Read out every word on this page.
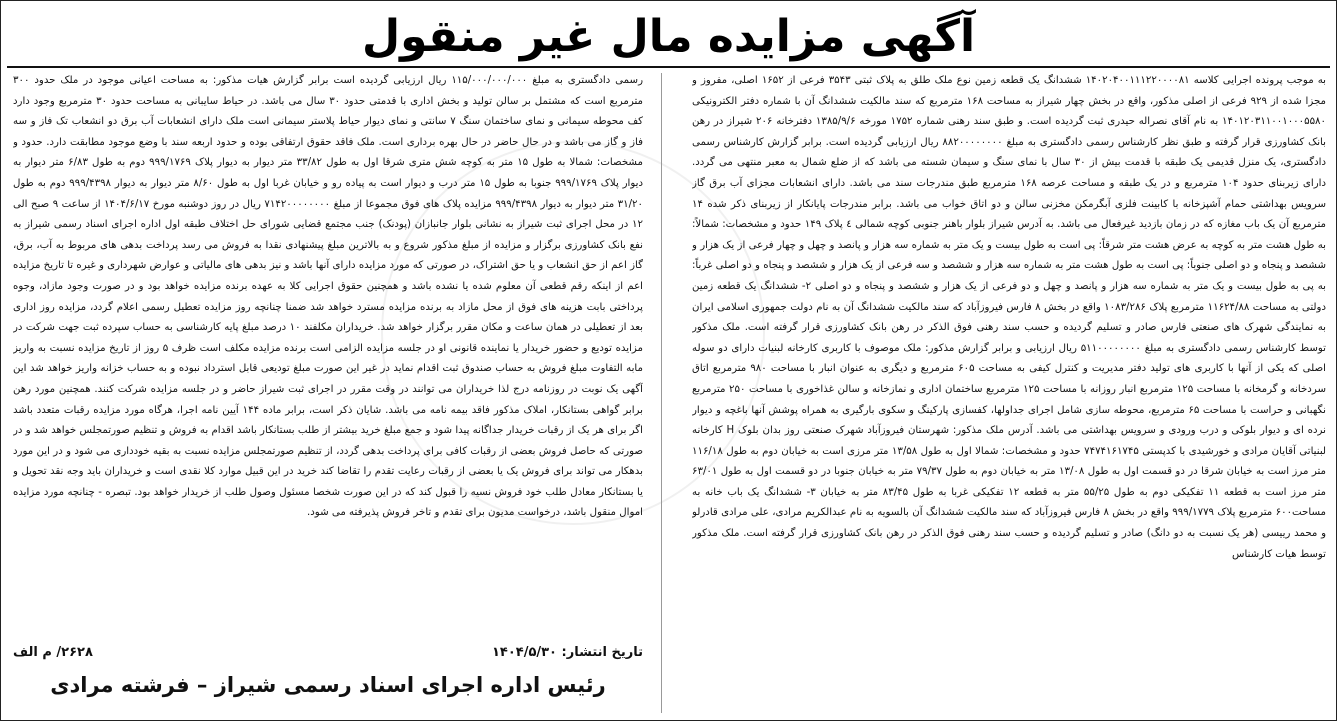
آگهی مزایده مال غیر منقول
به موجب پرونده اجرایی کلاسه ۱۴۰۲۰۴۰۰۱۱۱۲۲۰۰۰۰۸۱ ششدانگ یک قطعه زمین نوع ملک طلق به پلاک ثبتی ۳۵۴۳ فرعی از ۱۶۵۲ اصلی، مفروز و مجزا شده از ۹۲۹ فرعی از اصلی مذکور، واقع در بخش چهار شیراز به مساحت ۱۶۸ مترمربع که سند مالکیت ششدانگ آن با شماره دفتر الکترونیکی ۱۴۰۱۲۰۳۱۱۰۰۱۰۰۰۵۵۸۰ به نام آقای نصراله حیدری ثبت گردیده است. و طبق سند رهنی شماره ۱۷۵۲ مورخه ۱۳۸۵/۹/۶ دفترخانه ۲۰۶ شیراز در رهن بانک کشاورزی قرار گرفته و طبق نظر کارشناس رسمی دادگستری به مبلغ ۸۸۲۰۰۰۰۰۰۰۰ ریال ارزیابی گردیده است. برابر گزارش کارشناس رسمی دادگستری، یک منزل قدیمی یک طبقه با قدمت بیش از ۳۰ سال با نمای سنگ و سیمان شسته می باشد که از ضلع شمال به معبر منتهی می گردد. دارای زیربنای حدود ۱۰۴ مترمربع و در یک طبقه و مساحت عرصه ۱۶۸ مترمربع طبق مندرجات سند می باشد. دارای انشعابات مجزای آب برق گاز سرویس بهداشتی حمام آشپزخانه با کابینت فلزی آبگرمکن مخزنی سالن و دو اتاق خواب می باشد. برابر مندرجات پایانکار از زیربنای ذکر شده ۱۴ مترمربع آن یک باب مغازه که در زمان بازدید غیرفعال می باشد. به آدرس شیراز بلوار باهنر جنوبی کوچه شمالی ٤ پلاک ۱۴۹ حدود و مشخصات: شمالاً: به طول هشت متر به کوچه به عرض هشت متر شرقاً: پی است به طول بیست و یک متر به شماره سه هزار و پانصد و چهل و چهار فرعی از یک هزار و ششصد و پنجاه و دو اصلی جنوباً: پی است به طول هشت متر به شماره سه هزار و ششصد و سه فرعی از یک هزار و ششصد و پنجاه و دو اصلی غرباً: به پی به طول بیست و یک متر به شماره سه هزار و پانصد و چهل و دو فرعی از یک هزار و ششصد و پنجاه و دو اصلی ۲- ششدانگ یک قطعه زمین دولتی به مساحت ۱۱۶۲۴/۸۸ مترمربع پلاک ۱۰۸۳/۲۸۶ واقع در بخش ۸ فارس فیروزآباد که سند مالکیت ششدانگ آن به نام دولت جمهوری اسلامی ایران به نمایندگی شهرک های صنعتی فارس صادر و تسلیم گردیده و حسب سند رهنی فوق الذکر در رهن بانک کشاورزی قرار گرفته است. ملک مذکور توسط کارشناس رسمی دادگستری به مبلغ ۵۱۱۰۰۰۰۰۰۰۰ ریال ارزیابی و برابر گزارش مذکور: ملک موصوف با کاربری کارخانه لبنیات دارای دو سوله اصلی که یکی از آنها با کاربری های تولید دفتر مدیریت و کنترل کیفی به مساحت ۶۰۵ مترمربع و دیگری به عنوان انبار با مساحت ۹۸۰ مترمربع اتاق سردخانه و گرمخانه با مساحت ۱۲۵ مترمربع انبار روزانه با مساحت ۱۲۵ مترمربع ساختمان اداری و نمازخانه و سالن غذاخوری با مساحت ۲۵۰ مترمربع نگهبانی و حراست با مساحت ۶۵ مترمربع، محوطه سازی شامل اجرای جداولها، کفسازی پارکینگ و سکوی بارگیری به همراه پوشش آنها باغچه و دیوار نرده ای و دیوار بلوکی و درب ورودی و سرویس بهداشتی می باشد. آدرس ملک مذکور: شهرستان فیروزآباد شهرک صنعتی روز بدان بلوک H کارخانه لبنیاتی آقایان مرادی و خورشیدی با کدپستی ۷۴۷۴۱۶۱۷۴۵ حدود و مشخصات: شمالا اول به طول ۱۳/۵۸ متر مرزی است به خیابان دوم به طول ۱۱۶/۱۸ متر مرز است به خیابان شرقا در دو قسمت اول به طول ۱۳/۰۸ متر به خیابان دوم به طول ۷۹/۳۷ متر به خیابان جنوبا در دو قسمت اول به طول ۶۳/۰۱ متر مرز است به قطعه ۱۱ تفکیکی دوم به طول ۵۵/۲۵ متر به قطعه ۱۲ تفکیکی غربا به طول ۸۳/۴۵ متر به خیابان ۳- ششدانگ یک باب خانه به مساحت۶۰۰ مترمربع پلاک ۹۹۹/۱۷۷۹ واقع در بخش ۸ فارس فیروزآباد که سند مالکیت ششدانگ آن بالسویه به نام عبدالکریم مرادی، علی مرادی قادرلو و محمد رییسی (هر یک نسبت به دو دانگ) صادر و تسلیم گردیده و حسب سند رهنی فوق الذکر در رهن بانک کشاورزی قرار گرفته است. ملک مذکور توسط هیات کارشناس
رسمی دادگستری به مبلغ ۱۱۵/۰۰۰/۰۰۰/۰۰۰ ریال ارزیابی گردیده است برابر گزارش هیات مذکور: به مساحت اعیانی موجود در ملک حدود ۳۰۰ مترمربع است که مشتمل بر سالن تولید و بخش اداری با قدمتی حدود ۳۰ سال می باشد. در حیاط سایبانی به مساحت حدود ۳۰ مترمربع وجود دارد کف محوطه سیمانی و نمای ساختمان سنگ ۷ سانتی و نمای دیوار حیاط پلاستر سیمانی است ملک دارای انشعابات آب برق دو انشعاب تک فاز و سه فاز و گاز می باشد و در حال حاضر در حال بهره برداری است. ملک فاقد حقوق ارتفاقی بوده و حدود اربعه سند با وضع موجود مطابقت دارد. حدود و مشخصات: شمالا به طول ۱۵ متر به کوچه شش متری شرقا اول به طول ۳۳/۸۲ متر دیوار به دیوار پلاک ۹۹۹/۱۷۶۹ دوم به طول ۶/۸۳ متر دیوار به دیوار پلاک ۹۹۹/۱۷۶۹ جنوبا به طول ۱۵ متر درب و دیوار است به پیاده رو و خیابان غربا اول به طول ۸/۶۰ متر دیوار به دیوار ۹۹۹/۴۳۹۸ دوم به طول ۳۱/۲۰ متر دیوار به دیوار ۹۹۹/۴۳۹۸ مزایده پلاک های فوق مجموعا از مبلغ ۷۱۴۲۰۰۰۰۰۰۰۰ ریال در روز دوشنبه مورخ ۱۴۰۴/۶/۱۷ از ساعت ۹ صبح الی ۱۲ در محل اجرای ثبت شیراز به نشانی بلوار جانبازان (پودنک) جنب مجتمع قضایی شورای حل اختلاف طبقه اول اداره اجرای اسناد رسمی شیراز به نفع بانک کشاورزی برگزار و مزایده از مبلغ مذکور شروع و به بالاترین مبلغ پیشنهادی نقدا به فروش می رسد پرداخت بدهی های مربوط به آب، برق، گاز اعم از حق انشعاب و یا حق اشتراک، در صورتی که مورد مزایده دارای آنها باشد و نیز بدهی های مالیاتی و عوارض شهرداری و غیره تا تاریخ مزایده اعم از اینکه رقم قطعی آن معلوم شده یا نشده باشد و همچنین حقوق اجرایی کلا به عهده برنده مزایده خواهد بود و در صورت وجود مازاد، وجوه پرداختی بابت هزینه های فوق از محل مازاد به برنده مزایده مسترد خواهد شد ضمنا چنانچه روز مزایده تعطیل رسمی اعلام گردد، مزایده روز اداری بعد از تعطیلی در همان ساعت و مکان مقرر برگزار خواهد شد. خریداران مکلفند ۱۰ درصد مبلغ پایه کارشناسی به حساب سپرده ثبت جهت شرکت در مزایده تودیع و حضور خریدار یا نماینده قانونی او در جلسه مزایده الزامی است برنده مزایده مکلف است ظرف ۵ روز از تاریخ مزایده نسبت به واریز مابه التفاوت مبلغ فروش به حساب صندوق ثبت اقدام نماید در غیر این صورت مبلغ تودیعی قابل استرداد نبوده و به حساب خزانه واریز خواهد شد این آگهی یک نوبت در روزنامه درج لذا خریداران می توانند در وقت مقرر در اجرای ثبت شیراز حاضر و در جلسه مزایده شرکت کنند. همچنین مورد رهن برابر گواهی بستانکار، املاک مذکور فاقد بیمه نامه می باشد. شایان ذکر است، برابر ماده ۱۴۴ آیین نامه اجرا، هرگاه مورد مزایده رقبات متعدد باشد اگر برای هر یک از رقبات خریدار جداگانه پیدا شود و جمع مبلغ خرید بیشتر از طلب بستانکار باشد اقدام به فروش و تنظیم صورتمجلس خواهد شد و در صورتی که حاصل فروش بعضی از رقبات کافی برای پرداخت بدهی گردد، از تنظیم صورتمجلس مزایده نسبت به بقیه خودداری می شود و در این مورد بدهکار می تواند برای فروش یک یا بعضی از رقبات رعایت تقدم را تقاضا کند خرید در این قبیل موارد کلا نقدی است و خریداران باید وجه نقد تحویل و یا بستانکار معادل طلب خود فروش نسیه را قبول کند که در این صورت شخصا مسئول وصول طلب از خریدار خواهد بود. تبصره - چنانچه مورد مزایده اموال منقول باشد، درخواست مدیون برای تقدم و تاخر فروش پذیرفته می شود.
تاریخ انتشار: ۱۴۰۴/۵/۳۰
۲۶۲۸/ م الف
رئیس اداره اجرای اسناد رسمی شیراز – فرشته مرادی
